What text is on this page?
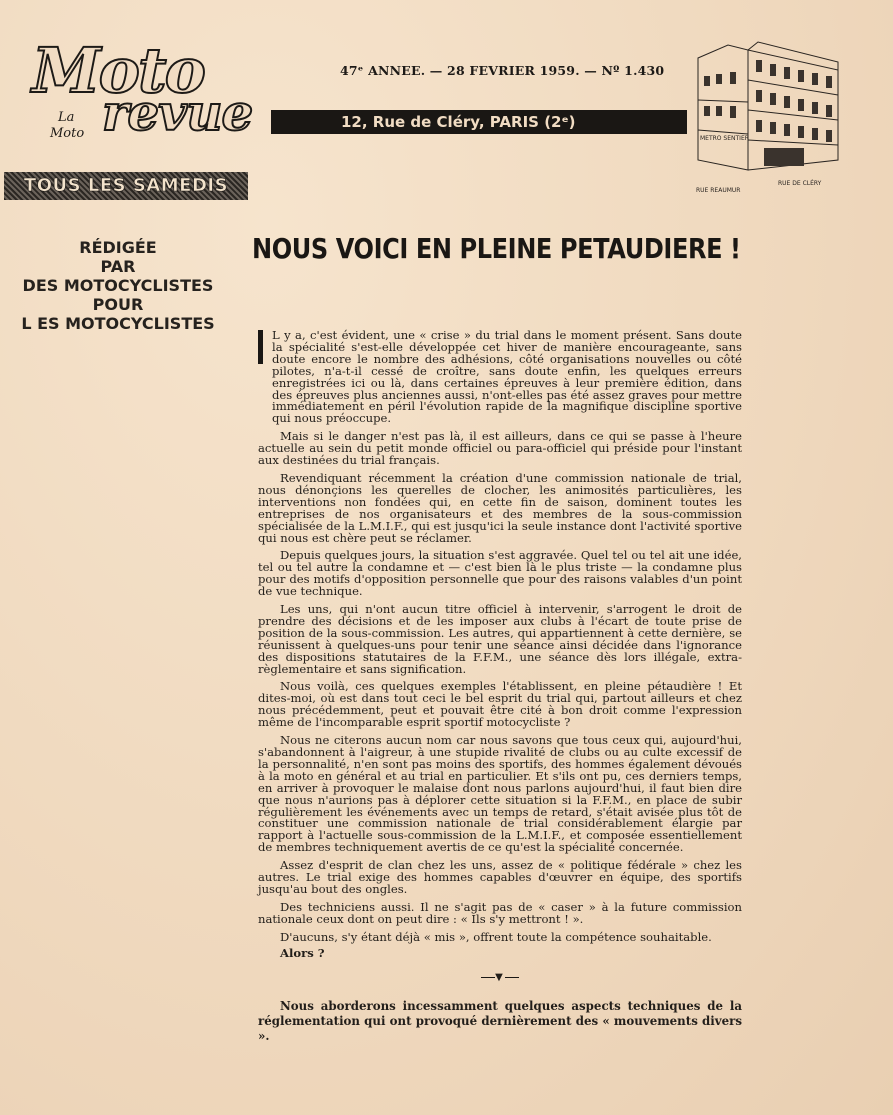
Moto
revue
La
Moto
47ᵉ ANNEE. — 28 FEVRIER 1959. — Nº 1.430
12, Rue de Cléry, PARIS (2ᵉ)
METRO SENTIER
RUE DE CLÉRY
RUE REAUMUR
TOUS LES SAMEDIS
RÉDIGÉE
PAR
DES MOTOCYCLISTES
POUR
L ES MOTOCYCLISTES
NOUS VOICI EN PLEINE PETAUDIERE !

L y a, c'est évident, une « crise » du trial dans le moment présent. Sans doute la spécialité s'est-elle développée cet hiver de manière encourageante, sans doute encore le nombre des adhésions, côté organisations nouvelles ou côté pilotes, n'a-t-il cessé de croître, sans doute enfin, les quelques erreurs enregistrées ici ou là, dans certaines épreuves à leur première édition, dans des épreuves plus anciennes aussi, n'ont-elles pas été assez graves pour mettre immédiatement en péril l'évolution rapide de la magnifique discipline sportive qui nous préoccupe.

Mais si le danger n'est pas là, il est ailleurs, dans ce qui se passe à l'heure actuelle au sein du petit monde officiel ou para-officiel qui préside pour l'instant aux destinées du trial français.

Revendiquant récemment la création d'une commission nationale de trial, nous dénonçions les querelles de clocher, les animosités particulières, les interventions non fondées qui, en cette fin de saison, dominent toutes les entreprises de nos organisateurs et des membres de la sous-commission spécialisée de la L.M.I.F., qui est jusqu'ici la seule instance dont l'activité sportive qui nous est chère peut se réclamer.

Depuis quelques jours, la situation s'est aggravée. Quel tel ou tel ait une idée, tel ou tel autre la condamne et — c'est bien là le plus triste — la condamne plus pour des motifs d'opposition personnelle que pour des raisons valables d'un point de vue technique.

Les uns, qui n'ont aucun titre officiel à intervenir, s'arrogent le droit de prendre des décisions et de les imposer aux clubs à l'écart de toute prise de position de la sous-commission. Les autres, qui appartiennent à cette dernière, se réunissent à quelques-uns pour tenir une séance ainsi décidée dans l'ignorance des dispositions statutaires de la F.F.M., une séance dès lors illégale, extra-règlementaire et sans signification.

Nous voilà, ces quelques exemples l'établissent, en pleine pétaudière ! Et dites-moi, où est dans tout ceci le bel esprit du trial qui, partout ailleurs et chez nous précédemment, peut et pouvait être cité à bon droit comme l'expression même de l'incomparable esprit sportif motocycliste ?

Nous ne citerons aucun nom car nous savons que tous ceux qui, aujourd'hui, s'abandonnent à l'aigreur, à une stupide rivalité de clubs ou au culte excessif de la personnalité, n'en sont pas moins des sportifs, des hommes également dévoués à la moto en général et au trial en particulier. Et s'ils ont pu, ces derniers temps, en arriver à provoquer le malaise dont nous parlons aujourd'hui, il faut bien dire que nous n'aurions pas à déplorer cette situation si la F.F.M., en place de subir régulièrement les événements avec un temps de retard, s'était avisée plus tôt de constituer une commission nationale de trial considérablement élargie par rapport à l'actuelle sous-commission de la L.M.I.F., et composée essentiellement de membres techniquement avertis de ce qu'est la spécialité concernée.

Assez d'esprit de clan chez les uns, assez de « politique fédérale » chez les autres. Le trial exige des hommes capables d'œuvrer en équipe, des sportifs jusqu'au bout des ongles.

Des techniciens aussi. Il ne s'agit pas de « caser » à la future commission nationale ceux dont on peut dire : « Ils s'y mettront ! ».

D'aucuns, s'y étant déjà « mis », offrent toute la compétence souhaitable.

Alors ?
▼

Nous aborderons incessamment quelques aspects techniques de la réglementation qui ont provoqué dernièrement des « mouvements divers ».
